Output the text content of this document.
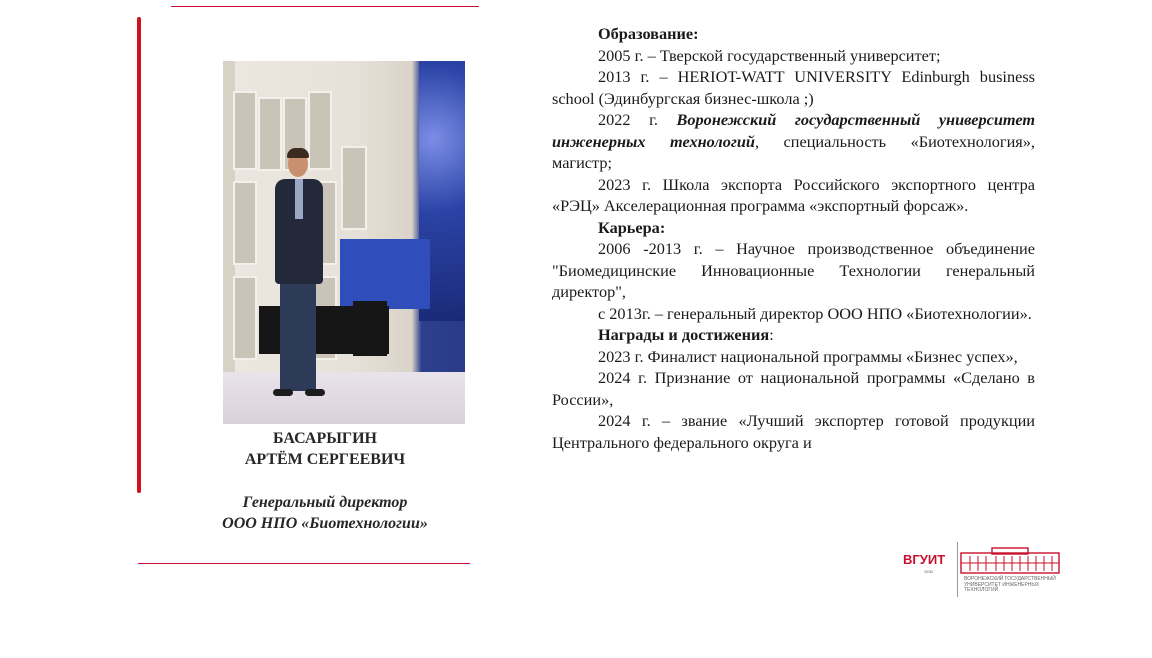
БАСАРЫГИН
АРТЁМ СЕРГЕЕВИЧ
Генеральный директор
ООО НПО «Биотехнологии»

Образование:

2005 г. – Тверской государственный университет;

2013 г. – HERIOT-WATT UNIVERSITY Edinburgh business school (Эдинбургская бизнес-школа ;)

2022 г. Воронежский государственный университет инженерных технологий, специальность «Биотехнология», магистр;

2023 г. Школа экспорта Российского экспортного центра «РЭЦ» Акселерационная программа «экспортный форсаж».

Карьера:

2006 -2013 г. – Научное производственное объединение "Биомедицинские Инновационные Технологии генеральный директор",

с 2013г. – генеральный директор ООО НПО «Биотехнологии».

Награды и достижения:

2023 г. Финалист национальной программы «Бизнес успех»,

2024 г. Признание от национальной программы «Сделано в России»,

2024 г. – звание «Лучший экспортер готовой продукции Центрального федерального округа и

ВГУИТ
1930
ВОРОНЕЖСКИЙ ГОСУДАРСТВЕННЫЙ УНИВЕРСИТЕТ ИНЖЕНЕРНЫХ ТЕХНОЛОГИЙ
